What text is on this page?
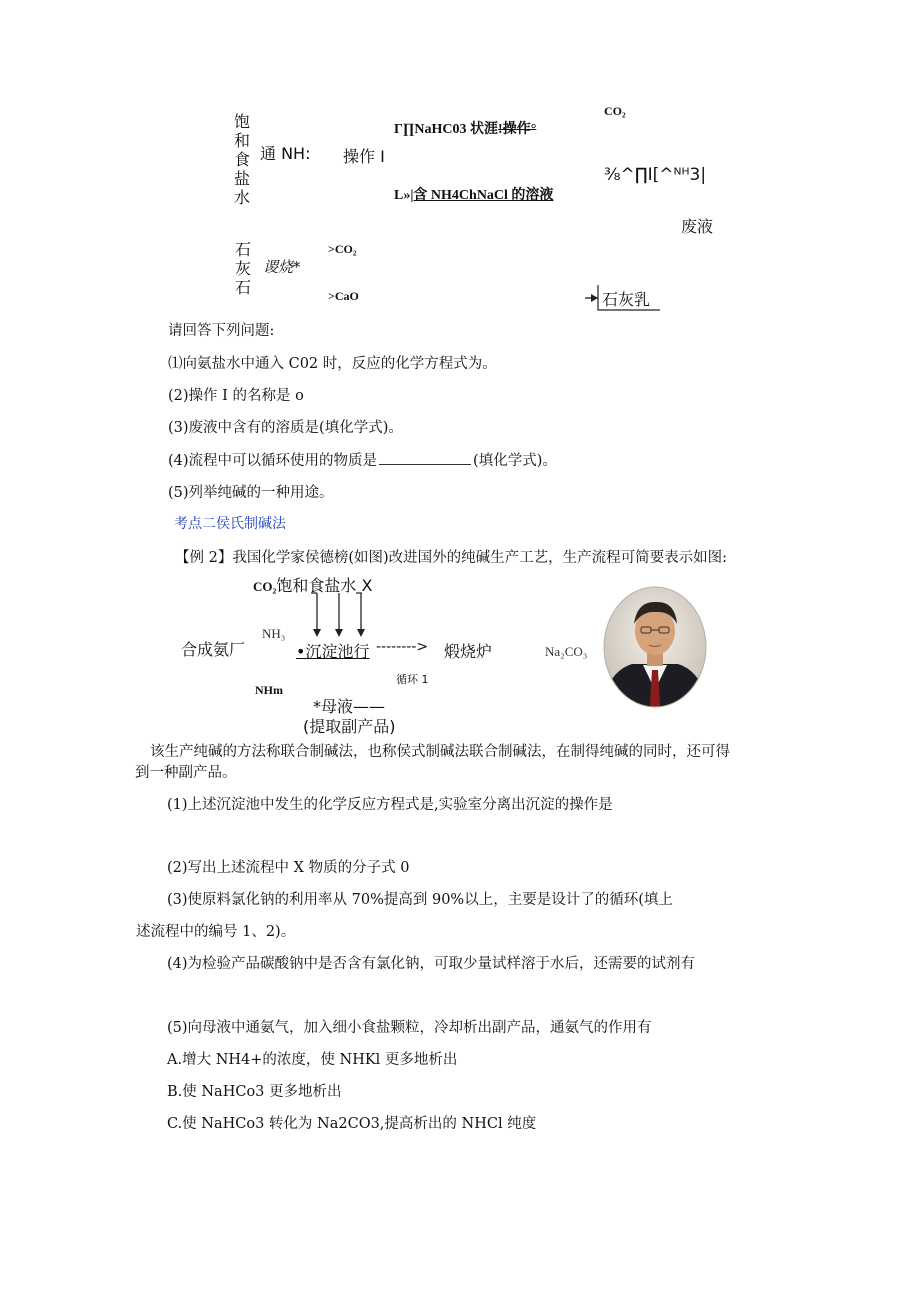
饱
和
食
盐
水
通 NH:
Γ∏NaHC03 状涯!操作°
CO₂
操作 I
⅜^∏I[^ᴺᴴ3|
L»|含 NH4ChNaCl 的溶液
废液
石
灰
石
谡烧*
>CO₂
>CaO	石灰乳
请回答下列问题:
⑴向氨盐水中通入 C02 时，反应的化学方程式为。
(2)操作 I 的名称是 o
(3)废液中含有的溶质是(填化学式)。
(4)流程中可以循环使用的物质是	(填化学式)。
(5)列举纯碱的一种用途。
考点二侯氏制碱法
【例 2】我国化学家侯德榜(如图)改进国外的纯碱生产工艺，生产流程可简要表示如图:
CO₂饱和食盐水 X
合成氨厂
NH₃
•沉淀池行 --------> 煅烧炉	Na₂CO₃
循环 1
NHm
*母液——
(提取副产品)
该生产纯碱的方法称联合制碱法，也称侯式制碱法联合制碱法，在制得纯碱的同时，还可得
到一种副产品。
(1)上述沉淀池中发生的化学反应方程式是,实验室分离出沉淀的操作是
(2)写出上述流程中 X 物质的分子式 0
(3)使原料氯化钠的利用率从 70%提高到 90%以上，主要是设计了的循环(填上
述流程中的编号 1、2)。
(4)为检验产品碳酸钠中是否含有氯化钠，可取少量试样溶于水后，还需要的试剂有
(5)向母液中通氨气，加入细小食盐颗粒，冷却析出副产品，通氨气的作用有
A.增大 NH4+的浓度，使 NHKl 更多地析出
B.使 NaHCo3 更多地析出
C.使 NaHCo3 转化为 Na2CO3,提高析出的 NHCl 纯度
